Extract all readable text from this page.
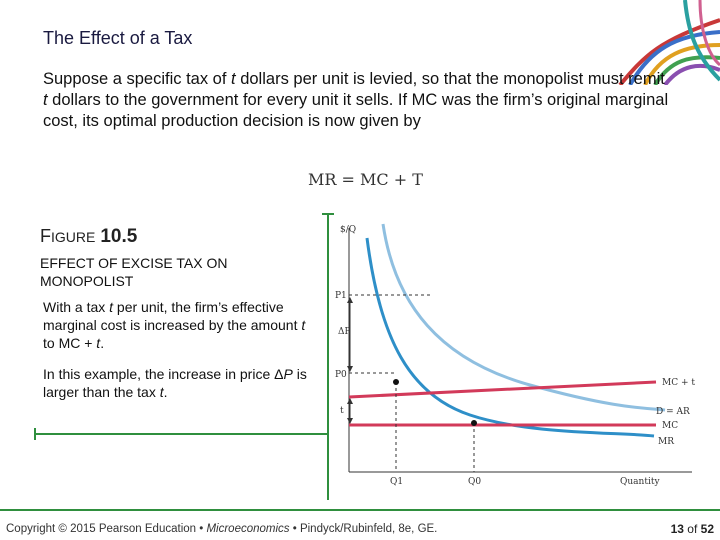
The Effect of a Tax
Suppose a specific tax of t dollars per unit is levied, so that the monopolist must remit t dollars to the government for every unit it sells. If MC was the firm’s original marginal cost, its optimal production decision is now given by
MR = MC + T
FIGURE 10.5
EFFECT OF EXCISE TAX ON MONOPOLIST
With a tax t per unit, the firm’s effective marginal cost is increased by the amount t to MC + t.
In this example, the increase in price ΔP is larger than the tax t.
$/Q
Quantity
MC + t
D = AR
MC
MR
P1
P0
Q1	Q0
ΔP
t
Copyright © 2015 Pearson Education • Microeconomics • Pindyck/Rubinfeld, 8e, GE.	13 of 52
